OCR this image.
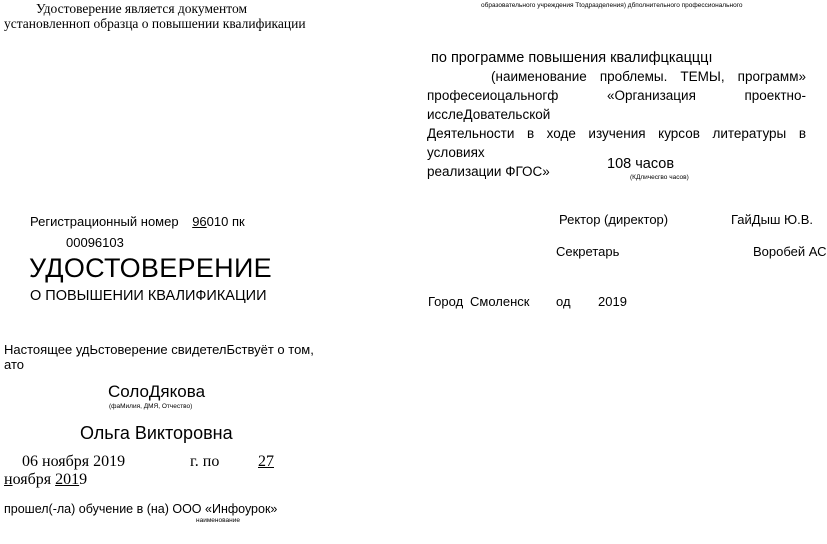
Удостоверение является документом
установленноп образца о повышении квалификации
Регистрационный номер 96010 пк
00096103
УДОСТОВЕРЕНИЕ
О ПОВЫШЕНИИ КВАЛИФИКАЦИИ
Настоящее удЬстоверение свидетелБствуёт о том,
ато
СолоДякова
(фаМилия, ДМЯ, Отчество)
Ольга Викторовна
06 ноября 2019	г. по 27
ноября 2019
прошел(-ла) обучение в (на) ООО «Инфоурок»
наименование
образовательного учреждения Ttoдразделения) дбполнительного профессионального
по программе повышения квалифцкацццı
(наименование проблемы. ТЕМЫ, программ»
професеиоцальногф «Организация проектно-исслеДовательской
Деятельности в ходе изучения курсов литературы в условиях
реализации ФГОС»	108 часов
(КДличесгво часов)
Ректор (директор)	ГайДыш Ю.В.
Секретарь	Воробей АС
Город Смоленск од 2019
